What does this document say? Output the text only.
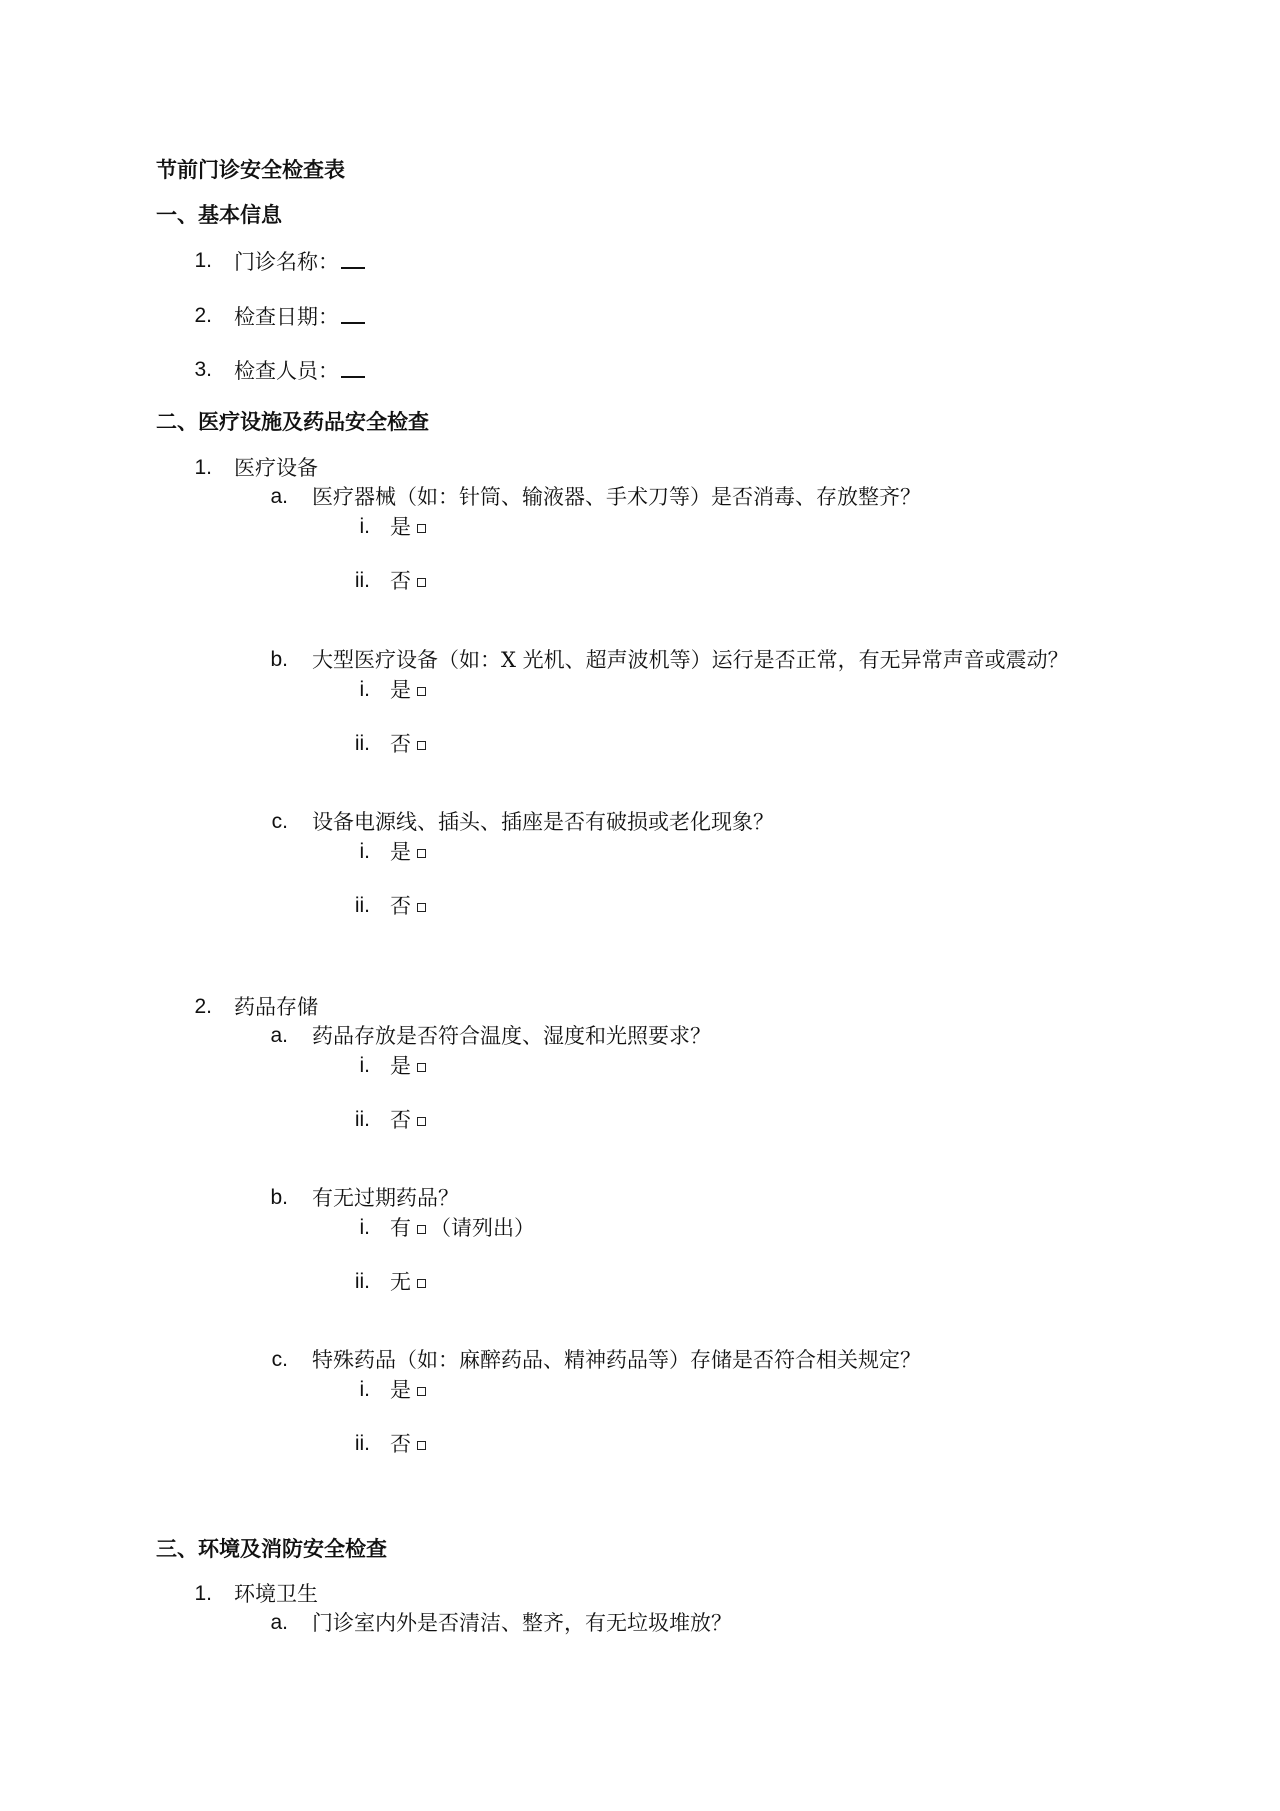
节前门诊安全检查表
一、基本信息
1. 门诊名称：
2. 检查日期：
3. 检查人员：
二、医疗设施及药品安全检查
1. 医疗设备
a. 医疗器械（如：针筒、输液器、手术刀等）是否消毒、存放整齐？
i. 是
ii. 否
b. 大型医疗设备（如：X 光机、超声波机等）运行是否正常，有无异常声音或震动？
i. 是
ii. 否
c. 设备电源线、插头、插座是否有破损或老化现象？
i. 是
ii. 否
2. 药品存储
a. 药品存放是否符合温度、湿度和光照要求？
i. 是
ii. 否
b. 有无过期药品？
i. 有 （请列出）
ii. 无
c. 特殊药品（如：麻醉药品、精神药品等）存储是否符合相关规定？
i. 是
ii. 否
三、环境及消防安全检查
1. 环境卫生
a. 门诊室内外是否清洁、整齐，有无垃圾堆放？
